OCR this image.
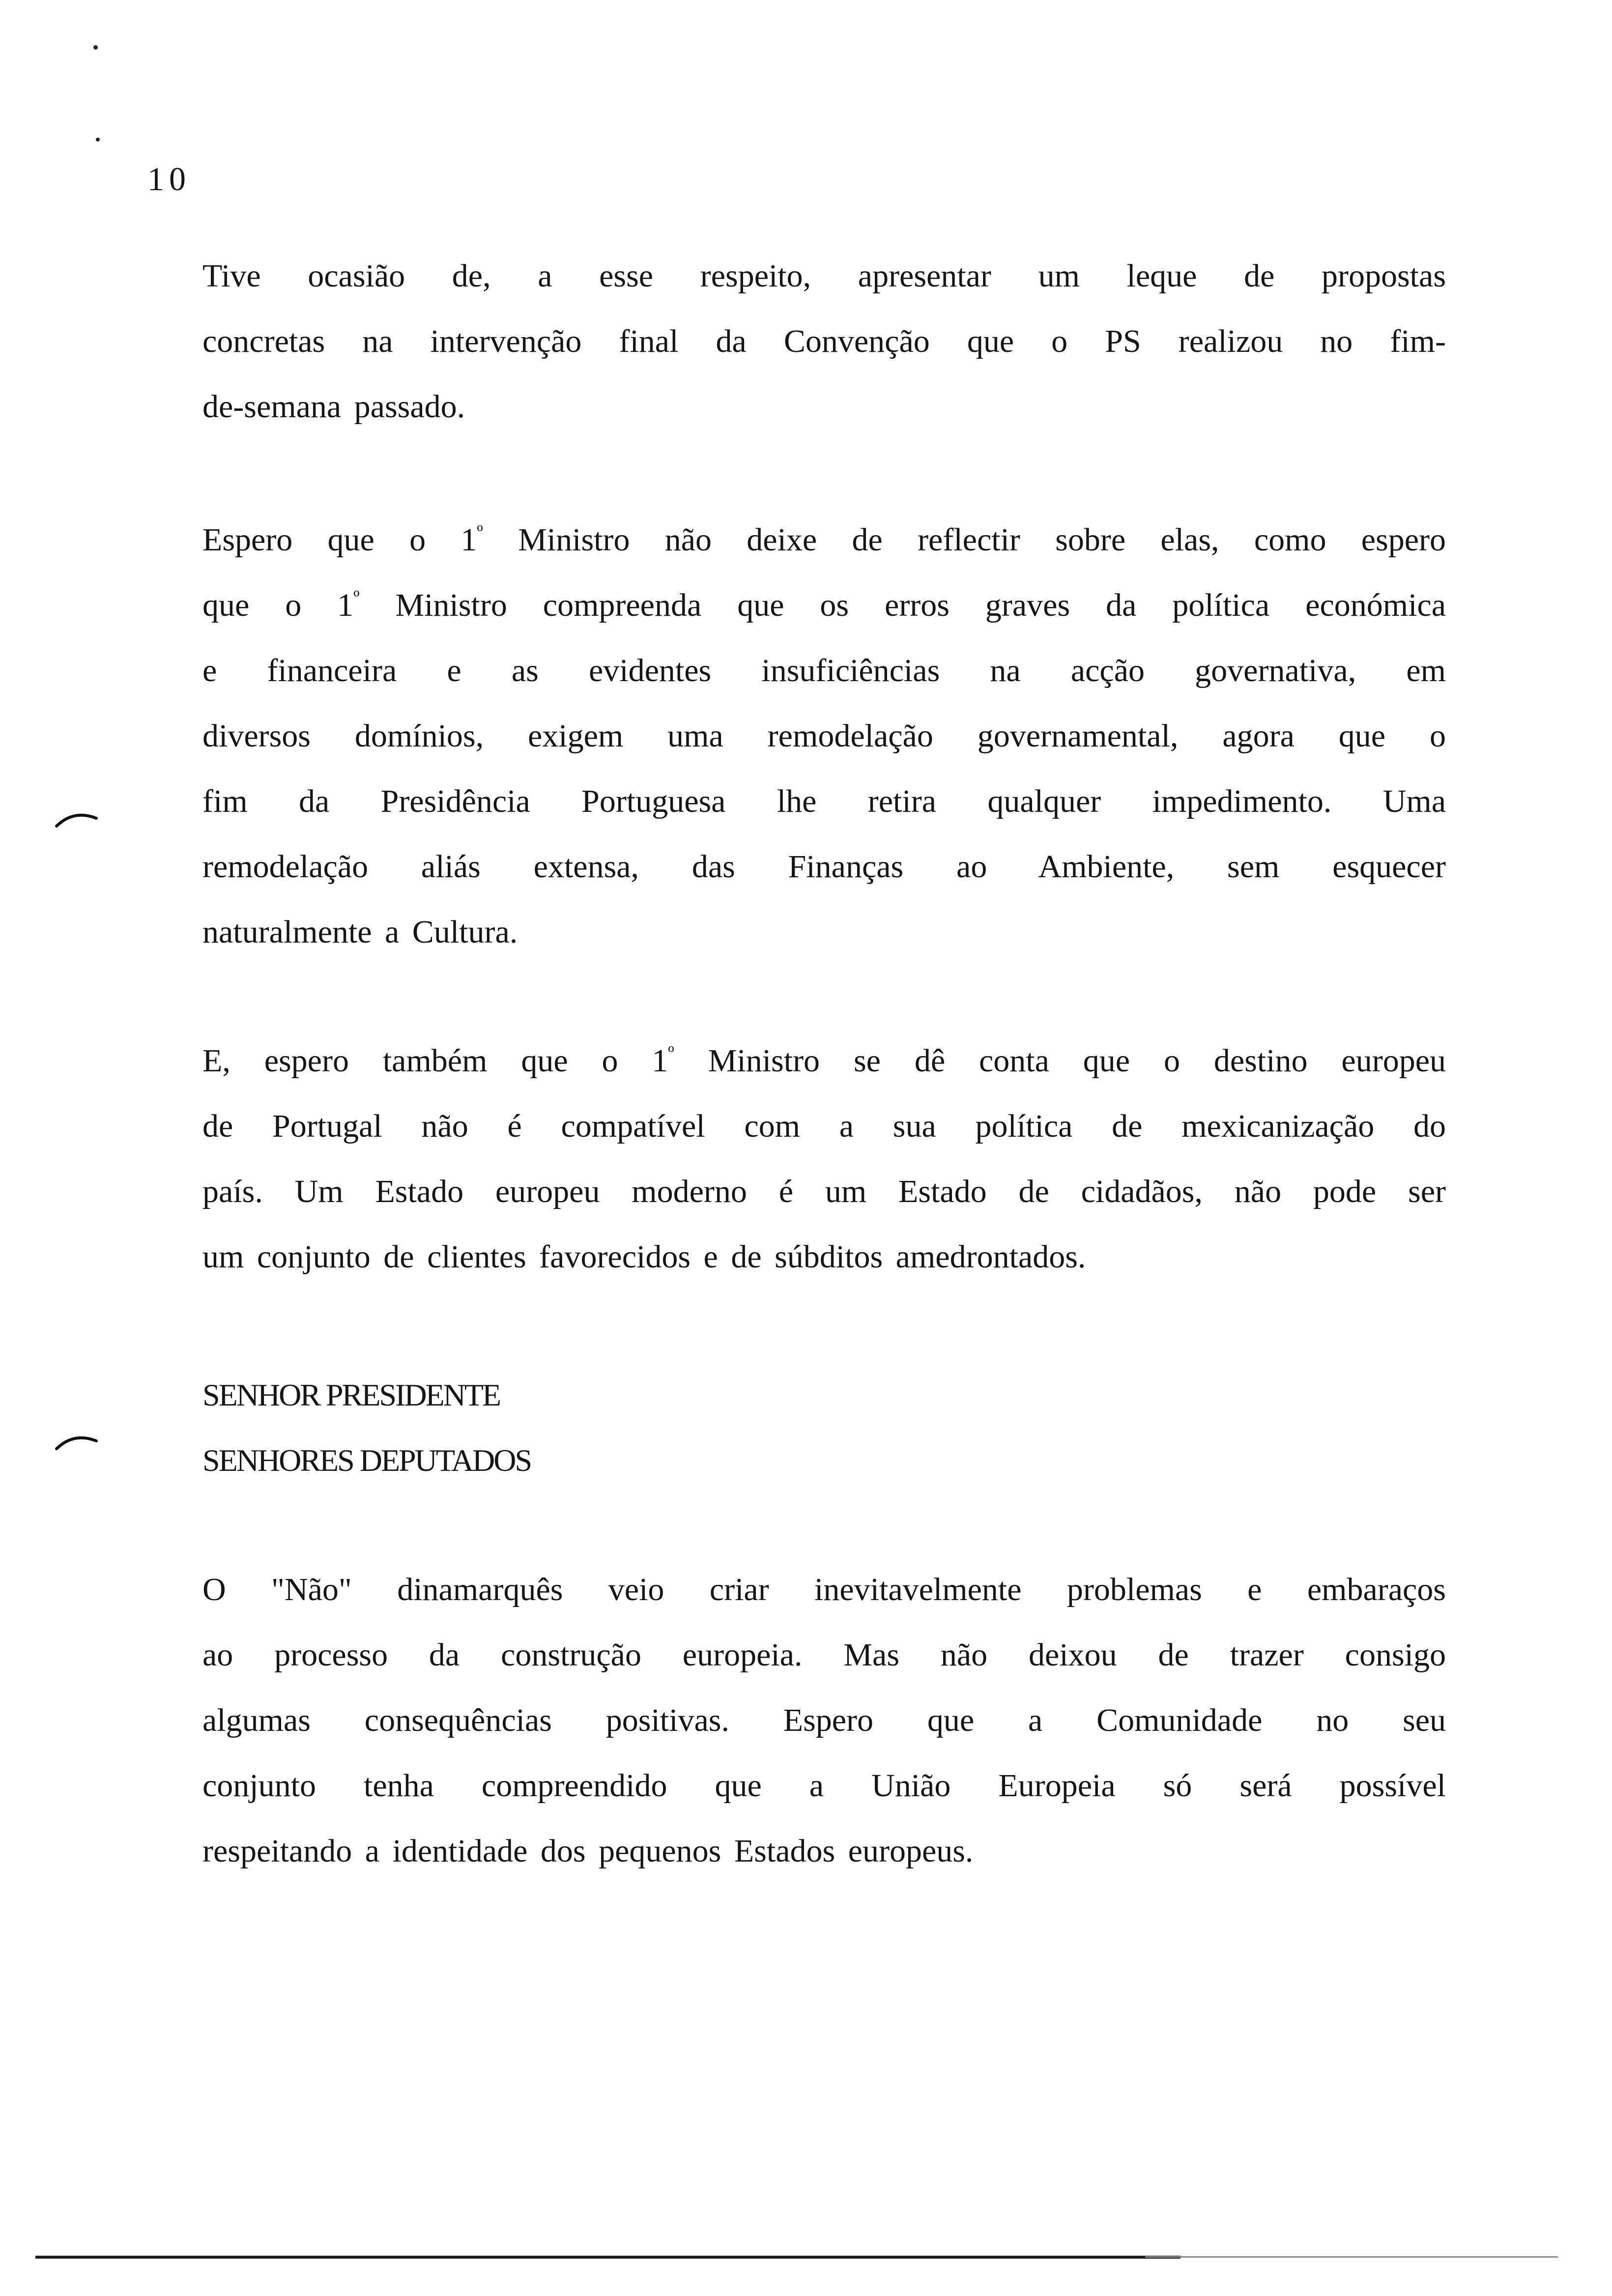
10
Tive ocasião de, a esse respeito, apresentar um leque de propostas
concretas na intervenção final da Convenção que o PS realizou no fim-
de-semana passado.
Espero que o $1^º$ Ministro não deixe de reflectir sobre elas, como espero
que o $1^º$ Ministro compreenda que os erros graves da política económica
e financeira e as evidentes insuficiências na acção governativa, em
diversos domínios, exigem uma remodelação governamental, agora que o
fim da Presidência Portuguesa lhe retira qualquer impedimento. Uma
remodelação aliás extensa, das Finanças ao Ambiente, sem esquecer
naturalmente a Cultura.
E, espero também que o $1^º$ Ministro se dê conta que o destino europeu
de Portugal não é compatível com a sua política de mexicanização do
país. Um Estado europeu moderno é um Estado de cidadãos, não pode ser
um conjunto de clientes favorecidos e de súbditos amedrontados.
SENHOR PRESIDENTE
SENHORES DEPUTADOS
O "Não" dinamarquês veio criar inevitavelmente problemas e embaraços
ao processo da construção europeia. Mas não deixou de trazer consigo
algumas consequências positivas. Espero que a Comunidade no seu
conjunto tenha compreendido que a União Europeia só será possível
respeitando a identidade dos pequenos Estados europeus.
